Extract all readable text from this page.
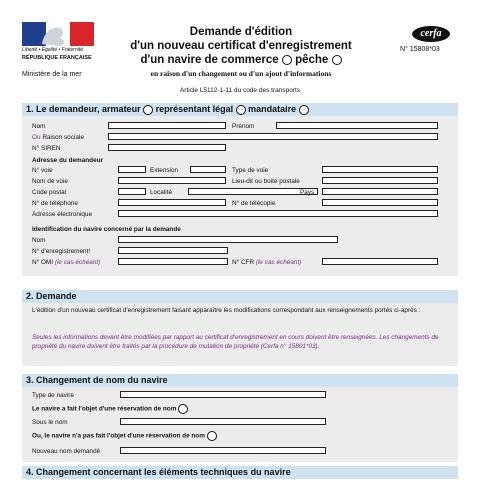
Liberté • Égalité • Fraternité
RÉPUBLIQUE FRANÇAISE
Ministère de la mer
Demande d'édition
d'un nouveau certificat d'enregistrement
d'un navire de commerce pêche
en raison d'un changement ou d'un ajout d'informations
cerfa
N° 15808*03
Article L5112-1-11 du code des transports
1. Le demandeur, armateur représentant légal mandataire
Nom	Prénom
Ou Raison sociale
N° SIREN
Adresse du demandeur
N° voie	Extension	Type de voie
Nom de voie	Lieu-dit ou boite postale
Code postal	Localité	Pays
N° de téléphone	N° de télécopie
Adresse électronique
Identification du navire concerné par la demande
Nom
N° d'enregistrement¹
N° OMI (le cas échéant)	N° CFR (le cas échéant)
2. Demande
L'édition d'un nouveau certificat d'enregistrement faisant apparaître les modifications correspondant aux renseignements portés ci-après :
Seules les informations devant être modifiées par rapport au certificat d'enregistrement en cours doivent être renseignées. Les changements de propriété du navire doivent être traités par la procédure de mutation de propriété (Cerfa n° 15801*03).
3. Changement de nom du navire
Type de navire
Le navire a fait l'objet d'une réservation de nom
Sous le nom
Ou, le navire n'a pas fait l'objet d'une réservation de nom
Nouveau nom demandé
4. Changement concernant les éléments techniques du navire
